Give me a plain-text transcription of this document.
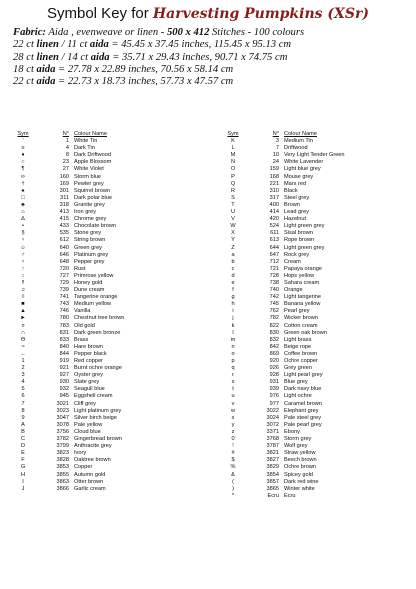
Symbol Key for Harvesting Pumpkins (XSr)
Fabric: Aida , evenweave or linen - 500 x 412 Stitches - 100 colours
22 ct linen / 11 ct aida = 45.45 x 37.45 inches, 115.45 x 95.13 cm
28 ct linen / 14 ct aida = 35.71 x 29.43 inches, 90.71 x 74.75 cm
18 ct aida = 27.78 x 22.89 inches, 70.56 x 58.14 cm
22 ct aida = 22.73 x 18.73 inches, 57.73 x 47.57 cm
Sym	N° Colour Name
′	1 White Tin
≡	4 Dark Tin
♦	8 Dark Driftwood
○	23 Apple Blossom
¶	27 White Violet
∞	160 Storm blue
†	169 Pewter grey
♠	301 Squirrel brown
□	311 Dark polar blue
♣	318 Granite grey
⌂	413 Iron grey
∆	415 Chrome grey
•	433 Chocolate brown
§	535 Stone grey
♀	612 String brown
☺	640 Green grey
♂	646 Platinum grey
♀	648 Pepper grey
↑	720 Rust
↕	727 Primrose yellow
‼	729 Honey gold
♫	739 Dune cream
◊	741 Tangerine orange
■	743 Medium yellow
▲	746 Vanilla
►	780 Chestnut tree brown
¤	783 Old gold
∩	831 Dark green bronze
Θ	833 Brass
≈	840 Hare brown
←	844 Pepper black
1	919 Red copper
2	921 Burnt ochre orange
3	927 Oyster grey
4	930 Slate grey
5	932 Seagull blue
6	945 Eggshell cream
7	3021 Cliff grey
8	3023 Light platinum grey
9	3047 Silver birch beige
A	3078 Pale yellow
B	3756 Cloud blue
C	3782 Gingerbread brown
D	3799 Anthracite grey
E	3823 Ivory
F	3828 Oaktree brown
G	3853 Copper
H	3855 Autumn gold
I	3863 Otter brown
J	3866 Garlic cream
Sym	N° Colour Name
K	3 Medium Tin
L	7 Driftwood
M	10 Very Light Tender Green
N	24 White Lavender
O	159 Light blue grey
P	168 Mouse grey
Q	221 Mars red
R	310 Black
S	317 Steel grey
T	400 Brown
U	414 Lead grey
V	420 Hazelnut
W	524 Light green grey
X	611 Sisal brown
Y	613 Rope brown
Z	644 Light green grey
a	647 Rock grey
b	712 Cream
c	721 Papaya orange
d	728 Hops yellow
e	738 Sahara cream
f	740 Orange
g	742 Light tangerine
h	745 Banana yellow
i	762 Pearl grey
j	782 Wicker brown
k	822 Cotton cream
l	830 Green oak brown
m	832 Light brass
n	842 Beige rope
o	869 Coffee brown
p	920 Ochre copper
q	926 Grey green
r	928 Light pearl grey
s	931 Blue grey
t	939 Dark navy blue
u	976 Light ochre
v	977 Caramel brown
w	3022 Elephant grey
x	3024 Pale steel grey
y	3072 Pale pearl grey
z	3371 Ebony
0	3768 Storm grey
!	3787 Wolf grey
#	3821 Straw yellow
$	3827 Beech brown
%	3829 Ochre brown
&	3854 Spicey gold
(	3857 Dark red wine
)	3865 Winter white
*	Ecru Ecru
